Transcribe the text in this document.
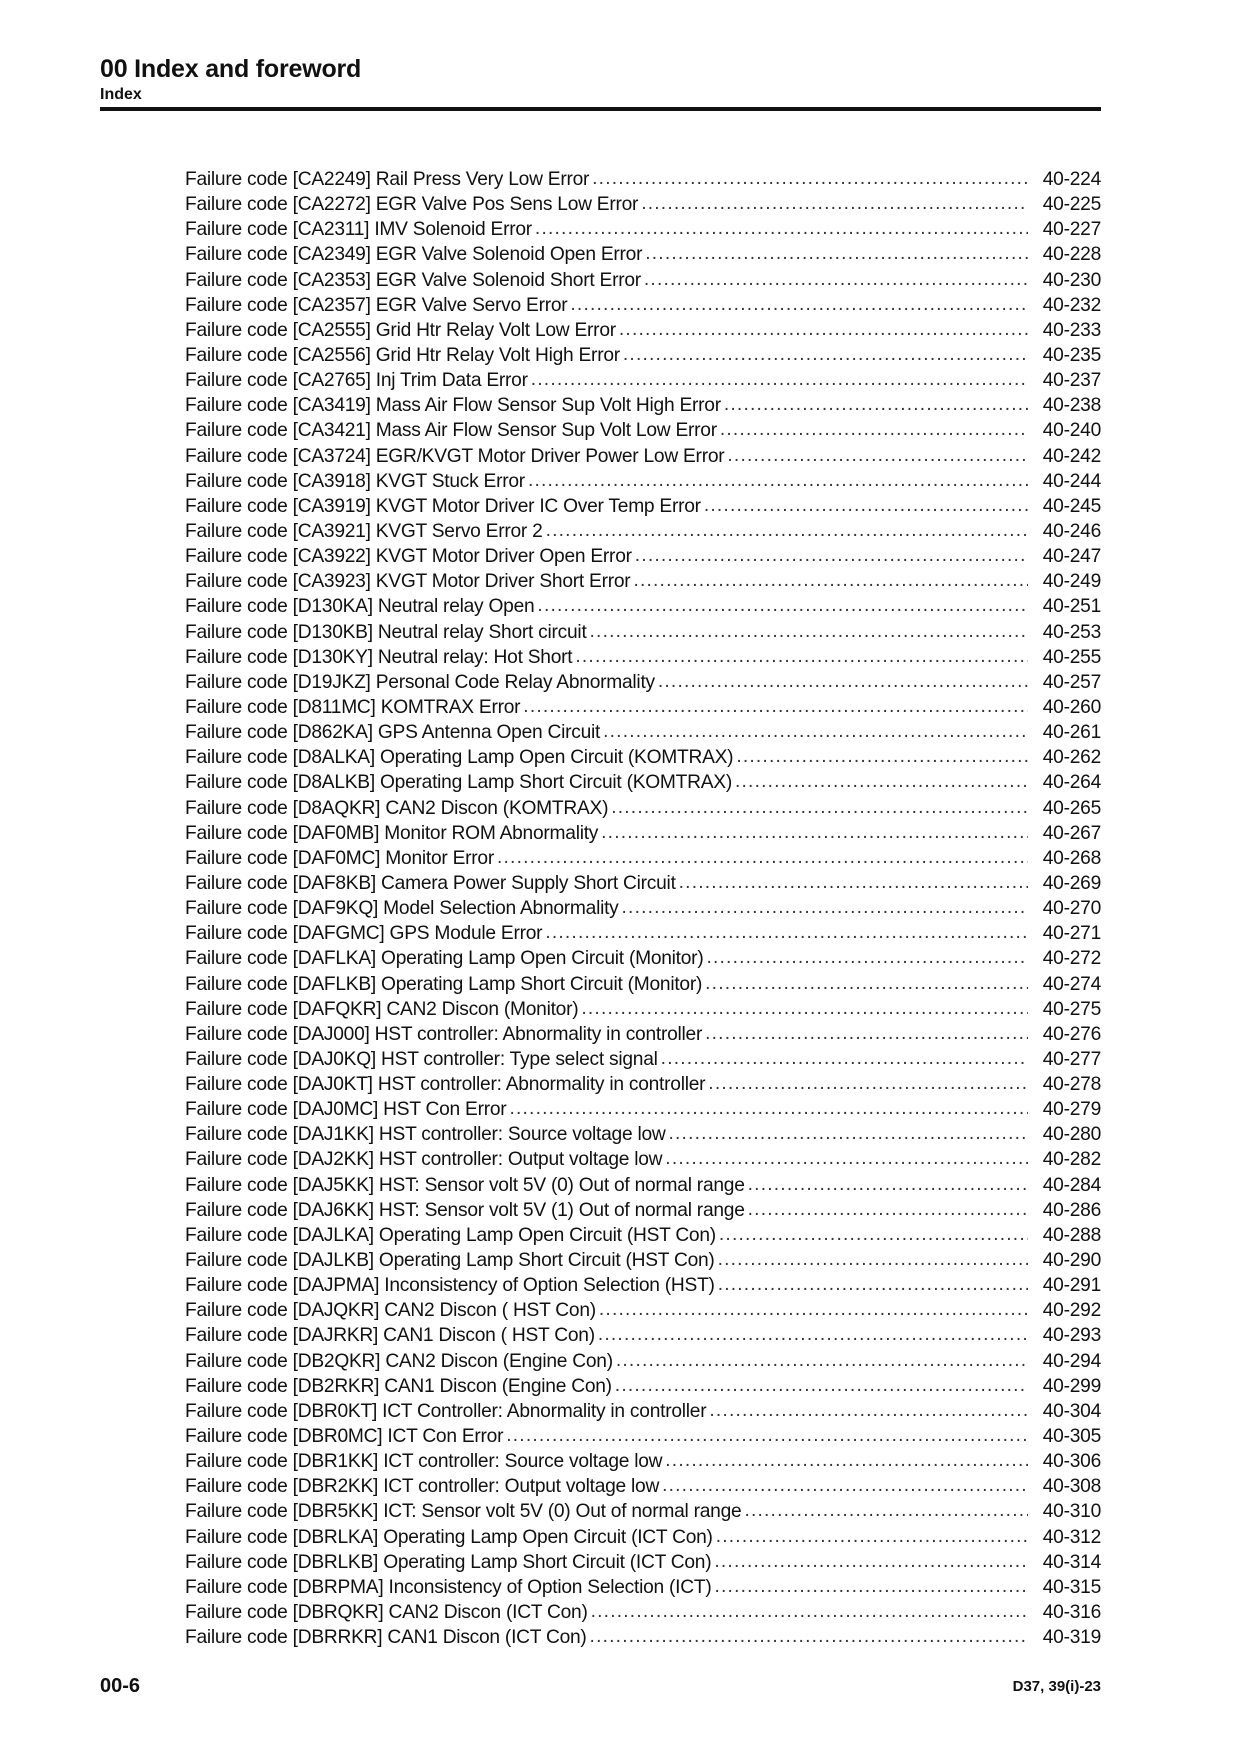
00 Index and foreword
Index
Failure code [CA2249] Rail Press Very Low Error .....	40-224
Failure code [CA2272] EGR Valve Pos Sens Low Error .....	40-225
Failure code [CA2311] IMV Solenoid Error .....	40-227
Failure code [CA2349] EGR Valve Solenoid Open Error .....	40-228
Failure code [CA2353] EGR Valve Solenoid Short Error .....	40-230
Failure code [CA2357] EGR Valve Servo Error .....	40-232
Failure code [CA2555] Grid Htr Relay Volt Low Error .....	40-233
Failure code [CA2556] Grid Htr Relay Volt High Error .....	40-235
Failure code [CA2765] Inj Trim Data Error .....	40-237
Failure code [CA3419] Mass Air Flow Sensor Sup Volt High Error .....	40-238
Failure code [CA3421] Mass Air Flow Sensor Sup Volt Low Error .....	40-240
Failure code [CA3724] EGR/KVGT Motor Driver Power Low Error .....	40-242
Failure code [CA3918] KVGT Stuck Error .....	40-244
Failure code [CA3919] KVGT Motor Driver IC Over Temp Error .....	40-245
Failure code [CA3921] KVGT Servo Error 2 .....	40-246
Failure code [CA3922] KVGT Motor Driver Open Error .....	40-247
Failure code [CA3923] KVGT Motor Driver Short Error .....	40-249
Failure code [D130KA] Neutral relay Open .....	40-251
Failure code [D130KB] Neutral relay Short circuit .....	40-253
Failure code [D130KY] Neutral relay: Hot Short .....	40-255
Failure code [D19JKZ] Personal Code Relay Abnormality .....	40-257
Failure code [D811MC] KOMTRAX Error .....	40-260
Failure code [D862KA] GPS Antenna Open Circuit .....	40-261
Failure code [D8ALKA] Operating Lamp Open Circuit (KOMTRAX) .....	40-262
Failure code [D8ALKB] Operating Lamp Short Circuit (KOMTRAX) .....	40-264
Failure code [D8AQKR] CAN2 Discon (KOMTRAX) .....	40-265
Failure code [DAF0MB] Monitor ROM Abnormality .....	40-267
Failure code [DAF0MC] Monitor Error .....	40-268
Failure code [DAF8KB] Camera Power Supply Short Circuit .....	40-269
Failure code [DAF9KQ] Model Selection Abnormality .....	40-270
Failure code [DAFGMC] GPS Module Error .....	40-271
Failure code [DAFLKA] Operating Lamp Open Circuit (Monitor) .....	40-272
Failure code [DAFLKB] Operating Lamp Short Circuit (Monitor) .....	40-274
Failure code [DAFQKR] CAN2 Discon (Monitor) .....	40-275
Failure code [DAJ000] HST controller: Abnormality in controller .....	40-276
Failure code [DAJ0KQ] HST controller: Type select signal .....	40-277
Failure code [DAJ0KT] HST controller: Abnormality in controller .....	40-278
Failure code [DAJ0MC] HST Con Error .....	40-279
Failure code [DAJ1KK] HST controller: Source voltage low .....	40-280
Failure code [DAJ2KK] HST controller: Output voltage low .....	40-282
Failure code [DAJ5KK] HST: Sensor volt 5V (0) Out of normal range .....	40-284
Failure code [DAJ6KK] HST: Sensor volt 5V (1) Out of normal range .....	40-286
Failure code [DAJLKA] Operating Lamp Open Circuit (HST Con) .....	40-288
Failure code [DAJLKB] Operating Lamp Short Circuit (HST Con) .....	40-290
Failure code [DAJPMA] Inconsistency of Option Selection (HST) .....	40-291
Failure code [DAJQKR] CAN2 Discon ( HST Con) .....	40-292
Failure code [DAJRKR] CAN1 Discon ( HST Con) .....	40-293
Failure code [DB2QKR] CAN2 Discon (Engine Con) .....	40-294
Failure code [DB2RKR] CAN1 Discon (Engine Con) .....	40-299
Failure code [DBR0KT] ICT Controller: Abnormality in controller .....	40-304
Failure code [DBR0MC] ICT Con Error .....	40-305
Failure code [DBR1KK] ICT controller: Source voltage low .....	40-306
Failure code [DBR2KK] ICT controller: Output voltage low .....	40-308
Failure code [DBR5KK] ICT: Sensor volt 5V (0) Out of normal range .....	40-310
Failure code [DBRLKA] Operating Lamp Open Circuit (ICT Con) .....	40-312
Failure code [DBRLKB] Operating Lamp Short Circuit (ICT Con) .....	40-314
Failure code [DBRPMA] Inconsistency of Option Selection (ICT) .....	40-315
Failure code [DBRQKR] CAN2 Discon (ICT Con) .....	40-316
Failure code [DBRRKR] CAN1 Discon (ICT Con) .....	40-319
00-6	D37, 39(i)-23
